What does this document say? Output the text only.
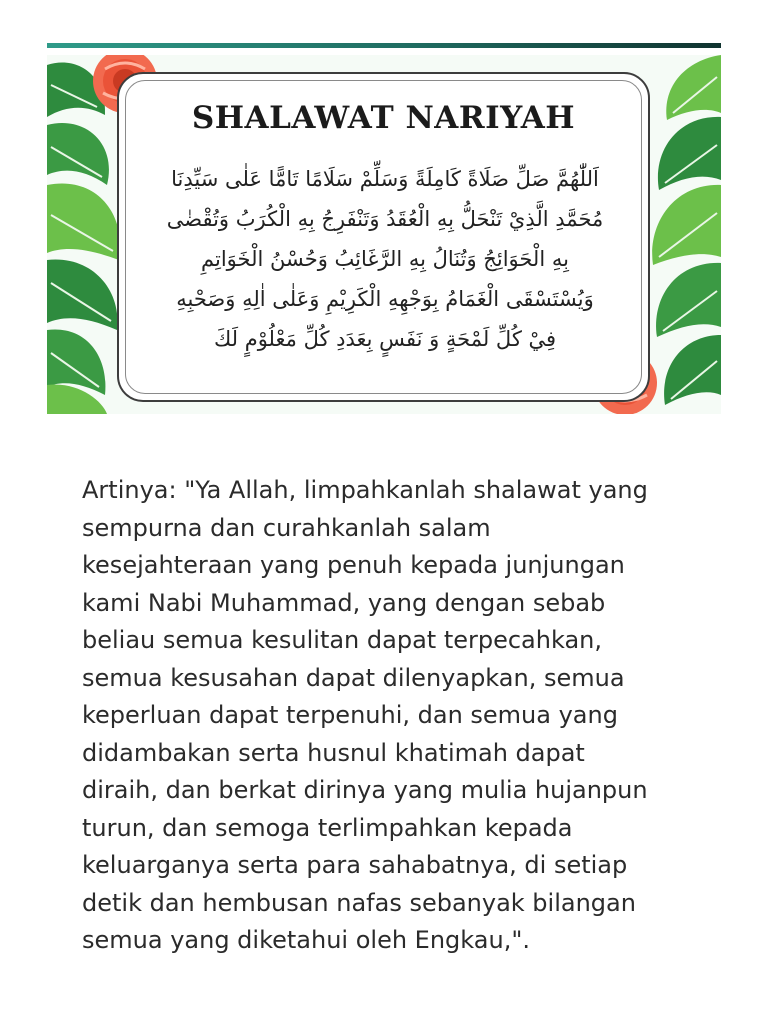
SHALAWAT NARIYAH
اَللّٰهُمَّ صَلِّ صَلَاةً كَامِلَةً وَسَلِّمْ سَلَامًا تَامًّا عَلٰى سَيِّدِنَا
مُحَمَّدِ الَّذِيْ تَنْحَلُّ بِهِ الْعُقَدُ وَتَنْفَرِجُ بِهِ الْكُرَبُ وَتُقْضٰى
بِهِ الْحَوَائِجُ وَتُنَالُ بِهِ الرَّغَائِبُ وَحُسْنُ الْخَوَاتِمِ
وَيُسْتَسْقَى الْغَمَامُ بِوَجْهِهِ الْكَرِيْمِ وَعَلٰى اٰلِهِ وَصَحْبِهِ
فِيْ كُلِّ لَمْحَةٍ وَ نَفَسٍ بِعَدَدِ كُلِّ مَعْلُوْمٍ لَكَ

Artinya: "Ya Allah, limpahkanlah shalawat yang
sempurna dan curahkanlah salam
kesejahteraan yang penuh kepada junjungan
kami Nabi Muhammad, yang dengan sebab
beliau semua kesulitan dapat terpecahkan,
semua kesusahan dapat dilenyapkan, semua
keperluan dapat terpenuhi, dan semua yang
didambakan serta husnul khatimah dapat
diraih, dan berkat dirinya yang mulia hujanpun
turun, dan semoga terlimpahkan kepada
keluarganya serta para sahabatnya, di setiap
detik dan hembusan nafas sebanyak bilangan
semua yang diketahui oleh Engkau,".
